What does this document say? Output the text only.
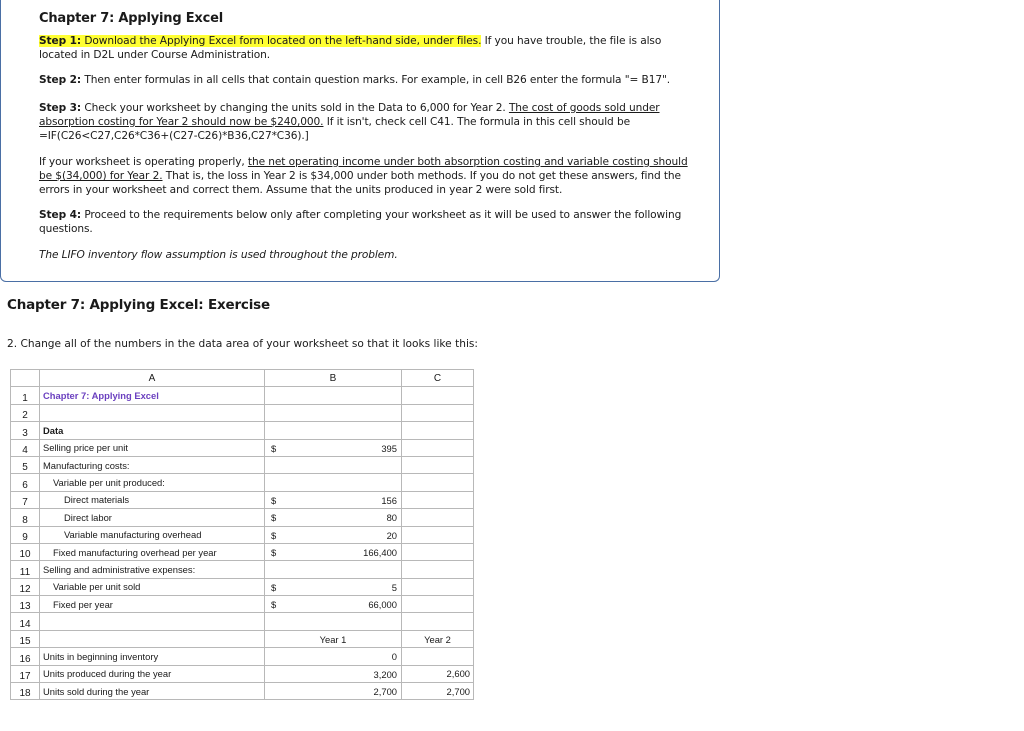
Chapter 7: Applying Excel
Step 1: Download the Applying Excel form located on the left-hand side, under files. If you have trouble, the file is also located in D2L under Course Administration.
Step 2: Then enter formulas in all cells that contain question marks. For example, in cell B26 enter the formula "= B17".
Step 3: Check your worksheet by changing the units sold in the Data to 6,000 for Year 2. The cost of goods sold under absorption costing for Year 2 should now be $240,000. If it isn't, check cell C41. The formula in this cell should be =IF(C26<C27,C26*C36+(C27-C26)*B36,C27*C36).]
If your worksheet is operating properly, the net operating income under both absorption costing and variable costing should be $(34,000) for Year 2. That is, the loss in Year 2 is $34,000 under both methods. If you do not get these answers, find the errors in your worksheet and correct them. Assume that the units produced in year 2 were sold first.
Step 4: Proceed to the requirements below only after completing your worksheet as it will be used to answer the following questions.
The LIFO inventory flow assumption is used throughout the problem.
Chapter 7: Applying Excel: Exercise
2. Change all of the numbers in the data area of your worksheet so that it looks like this:
	A	B	C
1	Chapter 7: Applying Excel	

2		

3	Data	

4	Selling price per unit	$ 395	

5	Manufacturing costs:	

6	Variable per unit produced:	

7	Direct materials	$ 156	

8	Direct labor	$ 80	

9	Variable manufacturing overhead	$ 20	

10	Fixed manufacturing overhead per year	$ 166,400	

11	Selling and administrative expenses:	

12	Variable per unit sold	$ 5	

13	Fixed per year	$ 66,000	

14		

15		Year 1	Year 2
16	Units in beginning inventory	0	

17	Units produced during the year	3,200	2,600
18	Units sold during the year	2,700	2,700
